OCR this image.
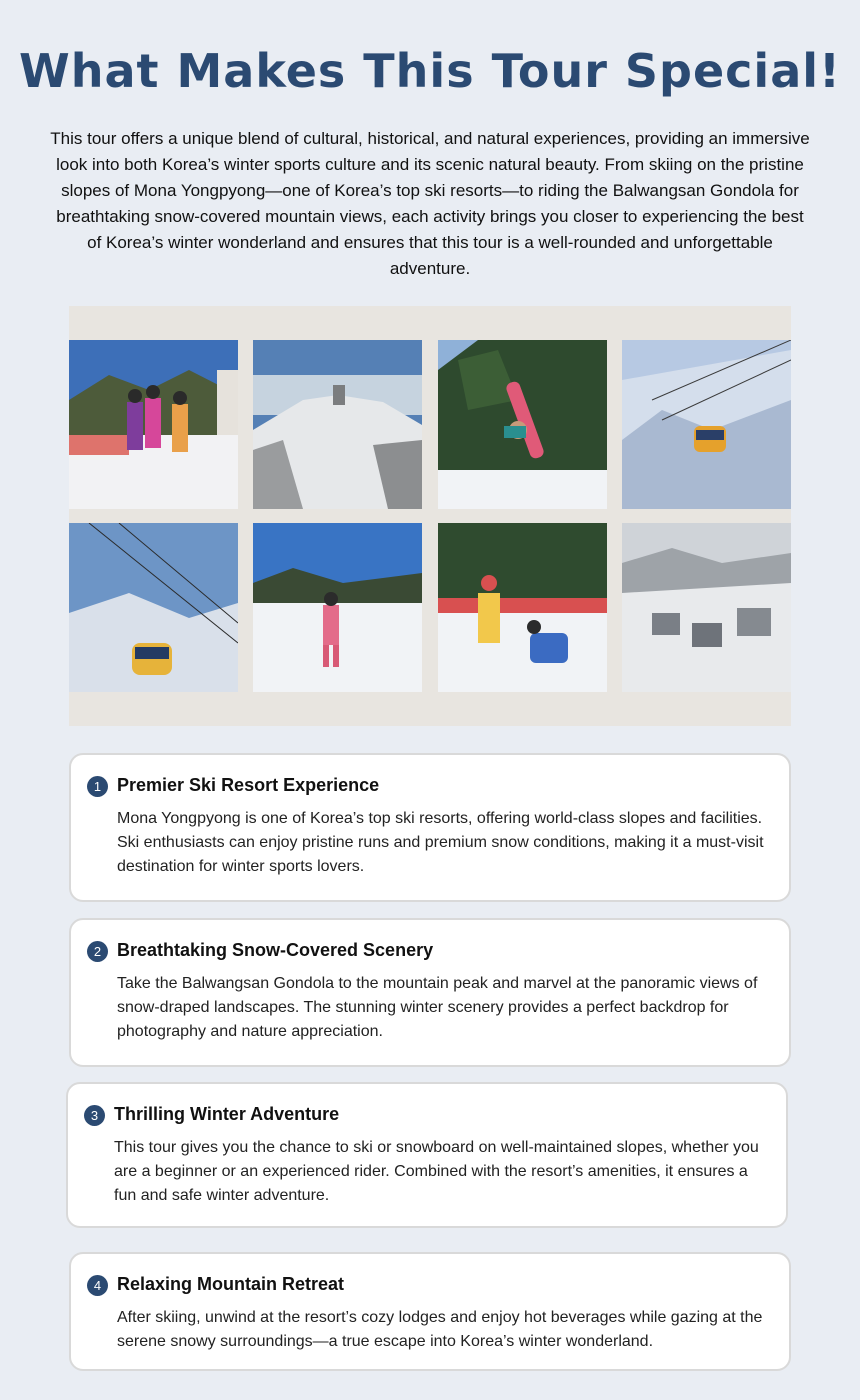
What Makes This Tour Special!

This tour offers a unique blend of cultural, historical, and natural experiences, providing an immersive look into both Korea’s winter sports culture and its scenic natural beauty. From skiing on the pristine slopes of Mona Yongpyong—one of Korea’s top ski resorts—to riding the Balwangsan Gondola for breathtaking snow-covered mountain views, each activity brings you closer to experiencing the best of Korea’s winter wonderland and ensures that this tour is a well-rounded and unforgettable adventure.

1 Premier Ski Resort Experience

Mona Yongpyong is one of Korea’s top ski resorts, offering world-class slopes and facilities. Ski enthusiasts can enjoy pristine runs and premium snow conditions, making it a must-visit destination for winter sports lovers.

2 Breathtaking Snow-Covered Scenery

Take the Balwangsan Gondola to the mountain peak and marvel at the panoramic views of snow-draped landscapes. The stunning winter scenery provides a perfect backdrop for photography and nature appreciation.

3 Thrilling Winter Adventure

This tour gives you the chance to ski or snowboard on well-maintained slopes, whether you are a beginner or an experienced rider. Combined with the resort’s amenities, it ensures a fun and safe winter adventure.

4 Relaxing Mountain Retreat

After skiing, unwind at the resort’s cozy lodges and enjoy hot beverages while gazing at the serene snowy surroundings—a true escape into Korea’s winter wonderland.
